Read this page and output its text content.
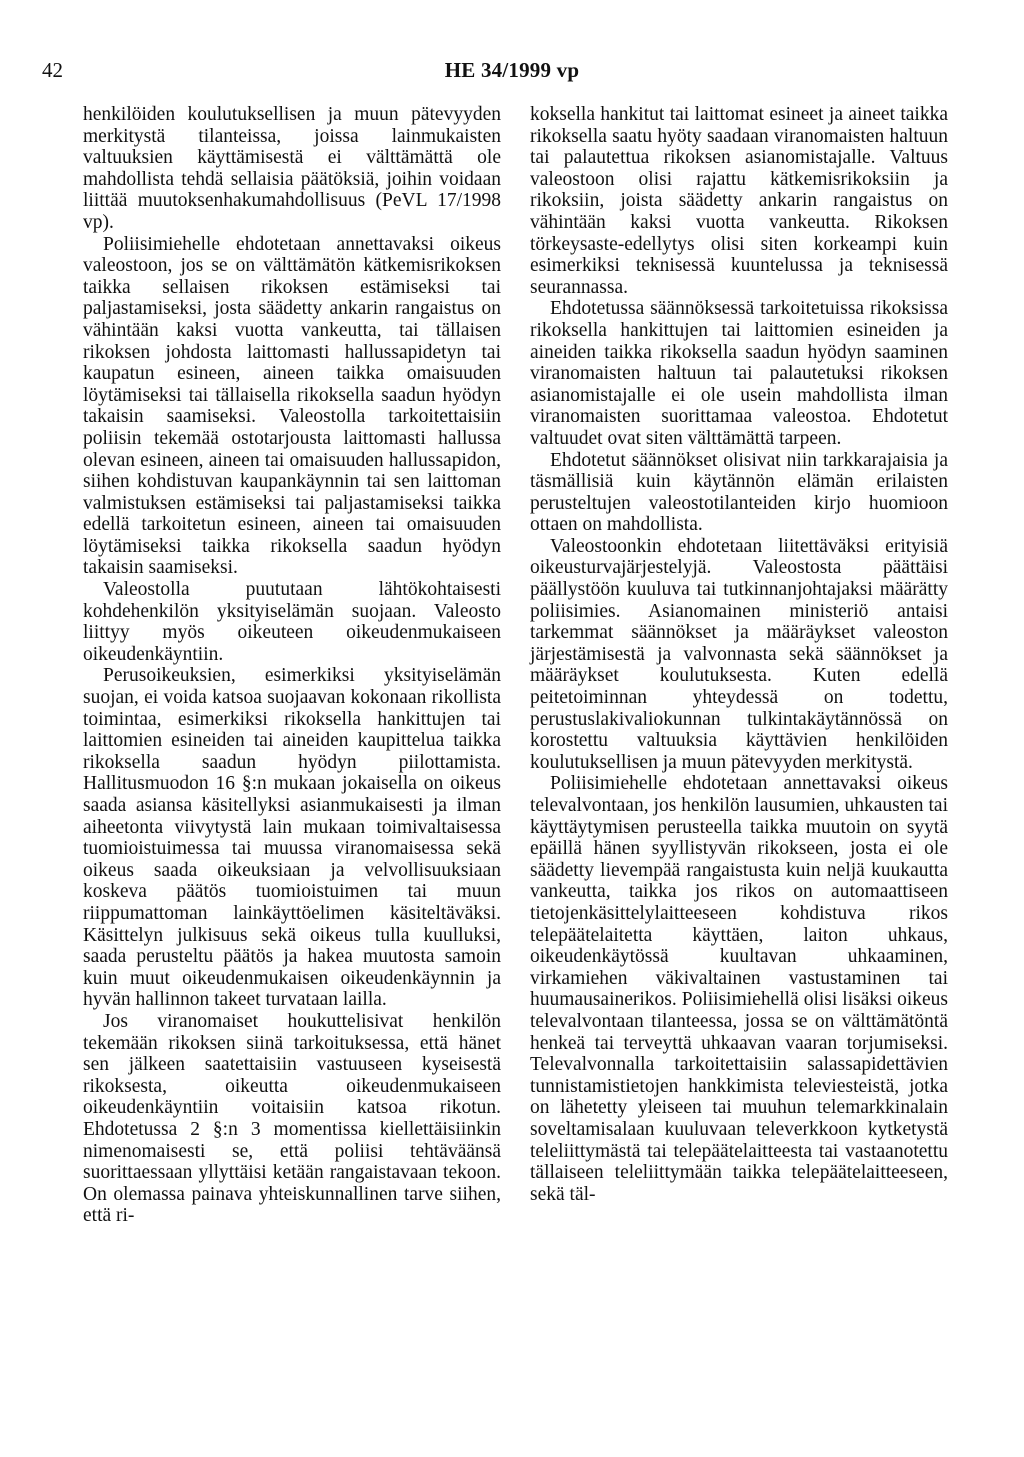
42	HE 34/1999 vp

henkilöiden koulutuksellisen ja muun pätevyyden merkitystä tilanteissa, joissa lainmukaisten valtuuksien käyttämisestä ei välttämättä ole mahdollista tehdä sellaisia päätöksiä, joihin voidaan liittää muutoksenhakumahdollisuus (PeVL 17/1998 vp).

Poliisimiehelle ehdotetaan annettavaksi oikeus valeostoon, jos se on välttämätön kätkemisrikoksen taikka sellaisen rikoksen estämiseksi tai paljastamiseksi, josta säädetty ankarin rangaistus on vähintään kaksi vuotta vankeutta, tai tällaisen rikoksen johdosta laittomasti hallussapidetyn tai kaupatun esineen, aineen taikka omaisuuden löytämiseksi tai tällaisella rikoksella saadun hyödyn takaisin saamiseksi. Valeostolla tarkoitettaisiin poliisin tekemää ostotarjousta laittomasti hallussa olevan esineen, aineen tai omaisuuden hallussapidon, siihen kohdistuvan kaupankäynnin tai sen laittoman valmistuksen estämiseksi tai paljastamiseksi taikka edellä tarkoitetun esineen, aineen tai omaisuuden löytämiseksi taikka rikoksella saadun hyödyn takaisin saamiseksi.

Valeostolla puututaan lähtökohtaisesti kohdehenkilön yksityiselämän suojaan. Valeosto liittyy myös oikeuteen oikeudenmukaiseen oikeudenkäyntiin.

Perusoikeuksien, esimerkiksi yksityiselämän suojan, ei voida katsoa suojaavan kokonaan rikollista toimintaa, esimerkiksi rikoksella hankittujen tai laittomien esineiden tai aineiden kaupittelua taikka rikoksella saadun hyödyn piilottamista. Hallitusmuodon 16 §:n mukaan jokaisella on oikeus saada asiansa käsitellyksi asianmukaisesti ja ilman aiheetonta viivytystä lain mukaan toimivaltaisessa tuomioistuimessa tai muussa viranomaisessa sekä oikeus saada oikeuksiaan ja velvollisuuksiaan koskeva päätös tuomioistuimen tai muun riippumattoman lainkäyttöelimen käsiteltäväksi. Käsittelyn julkisuus sekä oikeus tulla kuulluksi, saada perusteltu päätös ja hakea muutosta samoin kuin muut oikeudenmukaisen oikeudenkäynnin ja hyvän hallinnon takeet turvataan lailla.

Jos viranomaiset houkuttelisivat henkilön tekemään rikoksen siinä tarkoituksessa, että hänet sen jälkeen saatettaisiin vastuuseen kyseisestä rikoksesta, oikeutta oikeudenmukaiseen oikeudenkäyntiin voitaisiin katsoa rikotun. Ehdotetussa 2 §:n 3 momentissa kiellettäisiinkin nimenomaisesti se, että poliisi tehtäväänsä suorittaessaan yllyttäisi ketään rangaistavaan tekoon. On olemassa painava yhteiskunnallinen tarve siihen, että ri-

koksella hankitut tai laittomat esineet ja aineet taikka rikoksella saatu hyöty saadaan viranomaisten haltuun tai palautettua rikoksen asianomistajalle. Valtuus valeostoon olisi rajattu kätkemisrikoksiin ja rikoksiin, joista säädetty ankarin rangaistus on vähintään kaksi vuotta vankeutta. Rikoksen törkeysaste-edellytys olisi siten korkeampi kuin esimerkiksi teknisessä kuuntelussa ja teknisessä seurannassa.

Ehdotetussa säännöksessä tarkoitetuissa rikoksissa rikoksella hankittujen tai laittomien esineiden ja aineiden taikka rikoksella saadun hyödyn saaminen viranomaisten haltuun tai palautetuksi rikoksen asianomistajalle ei ole usein mahdollista ilman viranomaisten suorittamaa valeostoa. Ehdotetut valtuudet ovat siten välttämättä tarpeen.

Ehdotetut säännökset olisivat niin tarkkarajaisia ja täsmällisiä kuin käytännön elämän erilaisten perusteltujen valeostotilanteiden kirjo huomioon ottaen on mahdollista.

Valeostoonkin ehdotetaan liitettäväksi erityisiä oikeusturvajärjestelyjä. Valeostosta päättäisi päällystöön kuuluva tai tutkinnanjohtajaksi määrätty poliisimies. Asianomainen ministeriö antaisi tarkemmat säännökset ja määräykset valeoston järjestämisestä ja valvonnasta sekä säännökset ja määräykset koulutuksesta. Kuten edellä peitetoiminnan yhteydessä on todettu, perustuslakivaliokunnan tulkintakäytännössä on korostettu valtuuksia käyttävien henkilöiden koulutuksellisen ja muun pätevyyden merkitystä.

Poliisimiehelle ehdotetaan annettavaksi oikeus televalvontaan, jos henkilön lausumien, uhkausten tai käyttäytymisen perusteella taikka muutoin on syytä epäillä hänen syyllistyvän rikokseen, josta ei ole säädetty lievempää rangaistusta kuin neljä kuukautta vankeutta, taikka jos rikos on automaattiseen tietojenkäsittelylaitteeseen kohdistuva rikos telepäätelaitetta käyttäen, laiton uhkaus, oikeudenkäytössä kuultavan uhkaaminen, virkamiehen väkivaltainen vastustaminen tai huumausainerikos. Poliisimiehellä olisi lisäksi oikeus televalvontaan tilanteessa, jossa se on välttämätöntä henkeä tai terveyttä uhkaavan vaaran torjumiseksi. Televalvonnalla tarkoitettaisiin salassapidettävien tunnistamistietojen hankkimista televiesteistä, jotka on lähetetty yleiseen tai muuhun telemarkkinalain soveltamisalaan kuuluvaan televerkkoon kytketystä teleliittymästä tai telepäätelaitteesta tai vastaanotettu tällaiseen teleliittymään taikka telepäätelaitteeseen, sekä täl-
